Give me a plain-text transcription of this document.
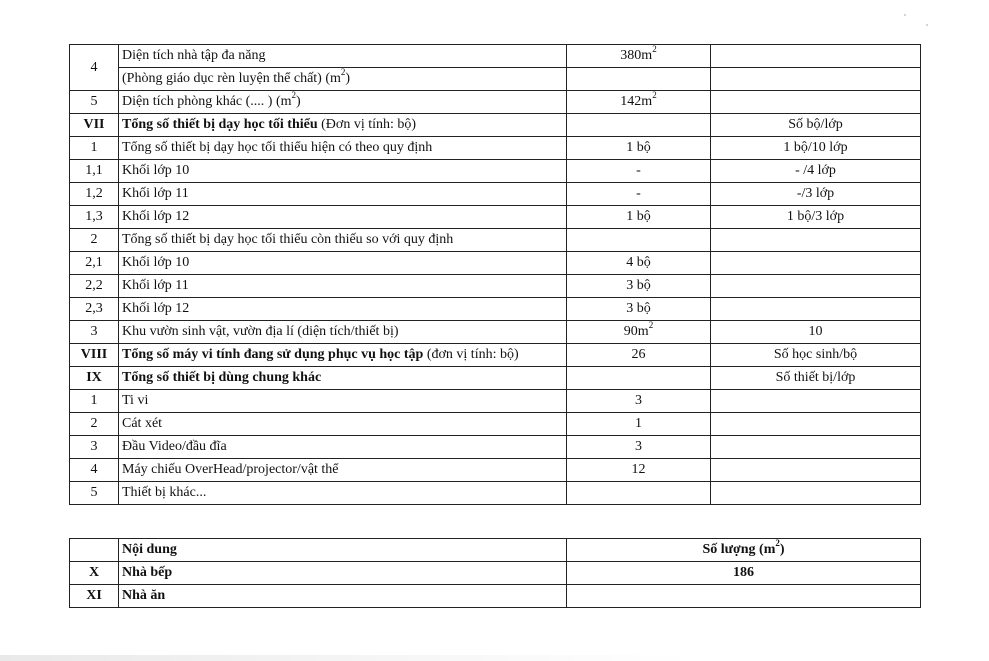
4	Diện tích nhà tập đa năng	$380m^2$	
	(Phòng giáo dục rèn luyện thể chất) $(m^2)$		
5	Diện tích phòng khác (.... ) $(m^2)$	$142m^2$	
VII	Tổng số thiết bị dạy học tối thiểu (Đơn vị tính: bộ)		Số bộ/lớp
1	Tổng số thiết bị dạy học tối thiểu hiện có theo quy định	1 bộ	1 bộ/10 lớp
1,1	Khối lớp 10	-	- /4 lớp
1,2	Khối lớp 11	-	-/3 lớp
1,3	Khối lớp 12	1 bộ	1 bộ/3 lớp
2	Tổng số thiết bị dạy học tối thiểu còn thiếu so với quy định		
2,1	Khối lớp 10	4 bộ	
2,2	Khối lớp 11	3 bộ	
2,3	Khối lớp 12	3 bộ	
3	Khu vườn sinh vật, vườn địa lí (diện tích/thiết bị)	$90m^2$	10
VIII	Tổng số máy vi tính đang sử dụng phục vụ học tập (đơn vị tính: bộ)	26	Số học sinh/bộ
IX	Tổng số thiết bị dùng chung khác		Số thiết bị/lớp
1	Ti vi	3	
2	Cát xét	1	
3	Đầu Video/đầu đĩa	3	
4	Máy chiếu OverHead/projector/vật thể	12	
5	Thiết bị khác...		
	Nội dung	Số lượng $(m^2)$
X	Nhà bếp	186
XI	Nhà ăn	
